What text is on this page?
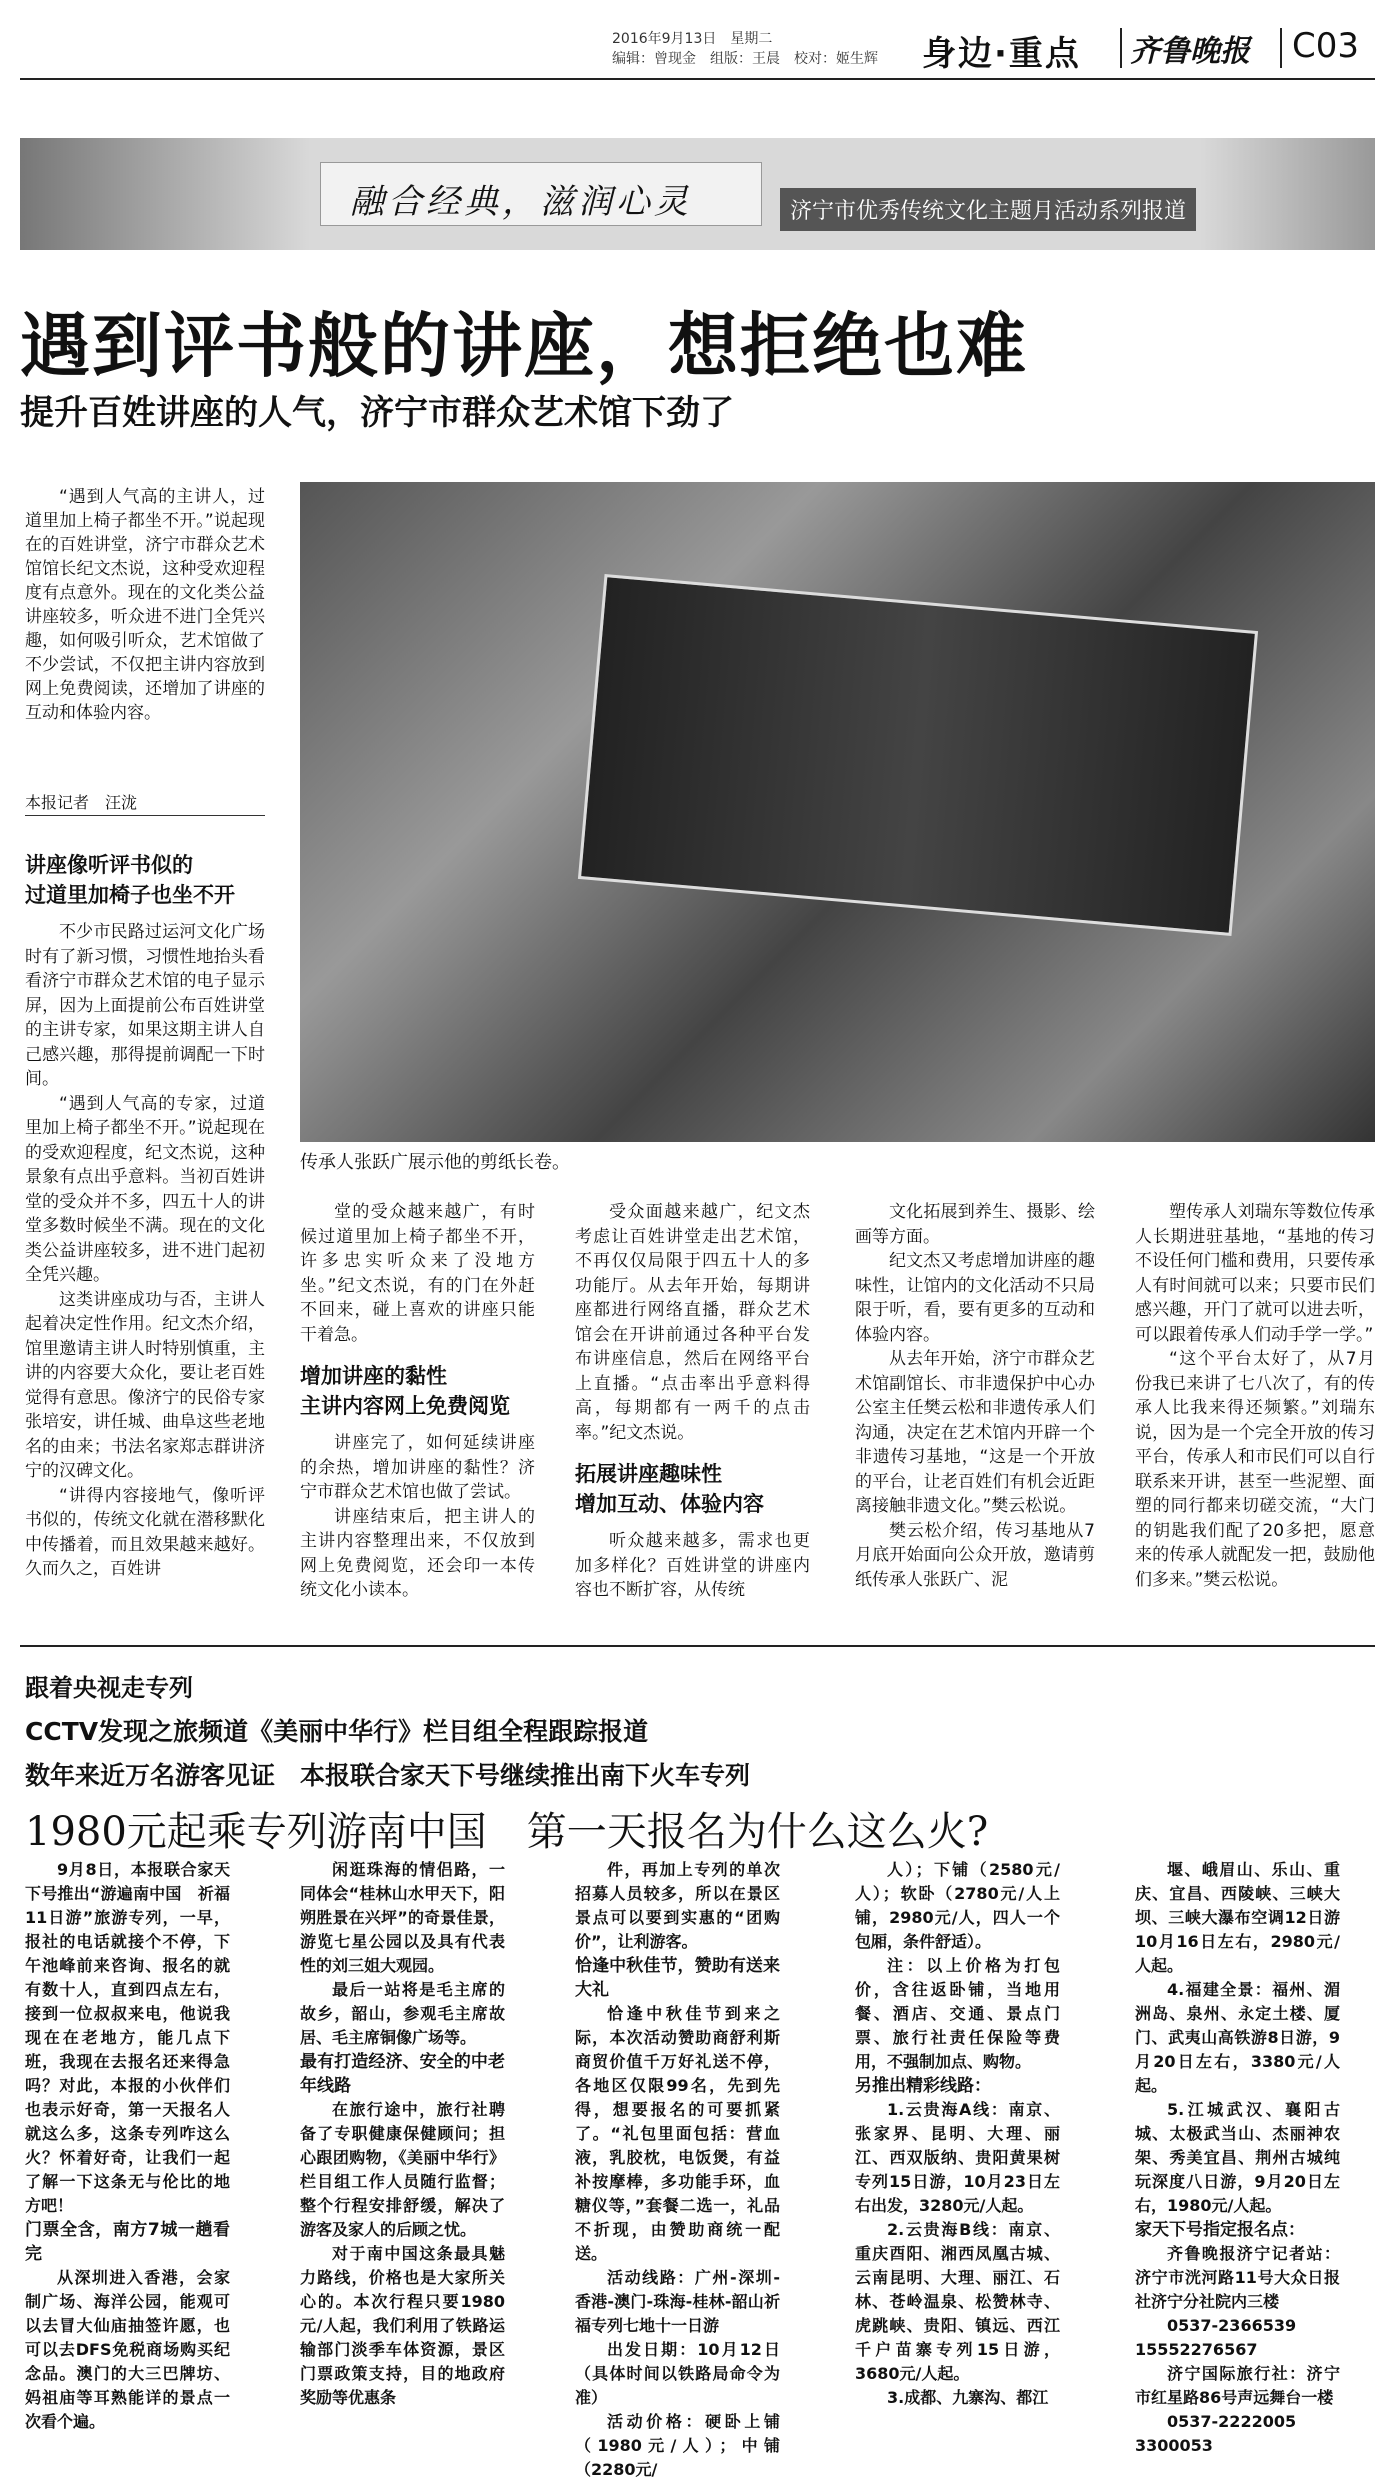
2016年9月13日　星期二
编辑：曾现金　组版：王晨　校对：姬生辉 身边·重点 齐鲁晚报 C03
融合经典，滋润心灵	济宁市优秀传统文化主题月活动系列报道
遇到评书般的讲座，想拒绝也难
提升百姓讲座的人气，济宁市群众艺术馆下劲了

“遇到人气高的主讲人，过道里加上椅子都坐不开。”说起现在的百姓讲堂，济宁市群众艺术馆馆长纪文杰说，这种受欢迎程度有点意外。现在的文化类公益讲座较多，听众进不进门全凭兴趣，如何吸引听众，艺术馆做了不少尝试，不仅把主讲内容放到网上免费阅读，还增加了讲座的互动和体验内容。

本报记者　汪泷
传承人张跃广展示他的剪纸长卷。
讲座像听评书似的
过道里加椅子也坐不开

不少市民路过运河文化广场时有了新习惯，习惯性地抬头看看济宁市群众艺术馆的电子显示屏，因为上面提前公布百姓讲堂的主讲专家，如果这期主讲人自己感兴趣，那得提前调配一下时间。

“遇到人气高的专家，过道里加上椅子都坐不开。”说起现在的受欢迎程度，纪文杰说，这种景象有点出乎意料。当初百姓讲堂的受众并不多，四五十人的讲堂多数时候坐不满。现在的文化类公益讲座较多，进不进门起初全凭兴趣。

这类讲座成功与否，主讲人起着决定性作用。纪文杰介绍，馆里邀请主讲人时特别慎重，主讲的内容要大众化，要让老百姓觉得有意思。像济宁的民俗专家张培安，讲任城、曲阜这些老地名的由来；书法名家郑志群讲济宁的汉碑文化。

“讲得内容接地气，像听评书似的，传统文化就在潜移默化中传播着，而且效果越来越好。久而久之，百姓讲

堂的受众越来越广，有时候过道里加上椅子都坐不开，许多忠实听众来了没地方坐。”纪文杰说，有的门在外赶不回来，碰上喜欢的讲座只能干着急。

增加讲座的黏性
主讲内容网上免费阅览

讲座完了，如何延续讲座的余热，增加讲座的黏性？济宁市群众艺术馆也做了尝试。

讲座结束后，把主讲人的主讲内容整理出来，不仅放到网上免费阅览，还会印一本传统文化小读本。

受众面越来越广，纪文杰考虑让百姓讲堂走出艺术馆，不再仅仅局限于四五十人的多功能厅。从去年开始，每期讲座都进行网络直播，群众艺术馆会在开讲前通过各种平台发布讲座信息，然后在网络平台上直播。“点击率出乎意料得高，每期都有一两千的点击率。”纪文杰说。

拓展讲座趣味性
增加互动、体验内容

听众越来越多，需求也更加多样化？百姓讲堂的讲座内容也不断扩容，从传统

文化拓展到养生、摄影、绘画等方面。

纪文杰又考虑增加讲座的趣味性，让馆内的文化活动不只局限于听，看，要有更多的互动和体验内容。

从去年开始，济宁市群众艺术馆副馆长、市非遗保护中心办公室主任樊云松和非遗传承人们沟通，决定在艺术馆内开辟一个非遗传习基地，“这是一个开放的平台，让老百姓们有机会近距离接触非遗文化。”樊云松说。

樊云松介绍，传习基地从7月底开始面向公众开放，邀请剪纸传承人张跃广、泥

塑传承人刘瑞东等数位传承人长期进驻基地，“基地的传习不设任何门槛和费用，只要传承人有时间就可以来；只要市民们感兴趣，开门了就可以进去听，可以跟着传承人们动手学一学。”

“这个平台太好了，从7月份我已来讲了七八次了，有的传承人比我来得还频繁。”刘瑞东说，因为是一个完全开放的传习平台，传承人和市民们可以自行联系来开讲，甚至一些泥塑、面塑的同行都来切磋交流，“大门的钥匙我们配了20多把，愿意来的传承人就配发一把，鼓励他们多来。”樊云松说。

跟着央视走专列
CCTV发现之旅频道《美丽中华行》栏目组全程跟踪报道
数年来近万名游客见证　本报联合家天下号继续推出南下火车专列
1980元起乘专列游南中国　第一天报名为什么这么火?

9月8日，本报联合家天下号推出“游遍南中国　祈福11日游”旅游专列，一早，报社的电话就接个不停，下午池峰前来咨询、报名的就有数十人，直到四点左右，接到一位叔叔来电，他说我现在在老地方，能几点下班，我现在去报名还来得急吗？对此，本报的小伙伴们也表示好奇，第一天报名人就这么多，这条专列咋这么火？怀着好奇，让我们一起了解一下这条无与伦比的地方吧！

门票全含，南方7城一趟看完

从深圳进入香港，会家制广场、海洋公园，能观可以去冒大仙庙抽签许愿，也可以去DFS免税商场购买纪念品。澳门的大三巴牌坊、妈祖庙等耳熟能详的景点一次看个遍。

闲逛珠海的情侣路，一同体会“桂林山水甲天下，阳朔胜景在兴坪”的奇景佳景，游览七星公园以及具有代表性的刘三姐大观园。

最后一站将是毛主席的故乡，韶山，参观毛主席故居、毛主席铜像广场等。

最有打造经济、安全的中老年线路

在旅行途中，旅行社聘备了专职健康保健顾问；担心跟团购物，《美丽中华行》栏目组工作人员随行监督；整个行程安排舒缓，解决了游客及家人的后顾之忧。

对于南中国这条最具魅力路线，价格也是大家所关心的。本次行程只要1980元/人起，我们利用了铁路运输部门淡季车体资源，景区门票政策支持，目的地政府奖励等优惠条

件，再加上专列的单次招募人员较多，所以在景区景点可以要到实惠的“团购价”，让利游客。

恰逢中秋佳节，赞助有送来大礼

恰逢中秋佳节到来之际，本次活动赞助商舒利斯商贸价值千万好礼送不停，各地区仅限99名，先到先得，想要报名的可要抓紧了。“礼包里面包括：营血液，乳胶枕，电饭煲，有益补按摩棒，多功能手环，血糖仪等，”套餐二选一，礼品不折现，由赞助商统一配送。

活动线路：广州-深圳-香港-澳门-珠海-桂林-韶山祈福专列七地十一日游

出发日期：10月12日（具体时间以铁路局命令为准）

活动价格：硬卧上铺（1980元/人）；中铺（2280元/

人）；下铺（2580元/人）；软卧（2780元/人上铺，2980元/人，四人一个包厢，条件舒适）。

注：以上价格为打包价，含往返卧铺，当地用餐、酒店、交通、景点门票、旅行社责任保险等费用，不强制加点、购物。

另推出精彩线路：

1.云贵海A线：南京、张家界、昆明、大理、丽江、西双版纳、贵阳黄果树专列15日游，10月23日左右出发，3280元/人起。

2.云贵海B线：南京、重庆酉阳、湘西凤凰古城、云南昆明、大理、丽江、石林、苍岭温泉、松赞林寺、虎跳峡、贵阳、镇远、西江千户苗寨专列15日游，3680元/人起。

3.成都、九寨沟、都江

堰、峨眉山、乐山、重庆、宜昌、西陵峡、三峡大坝、三峡大瀑布空调12日游10月16日左右，2980元/人起。

4.福建全景：福州、湄洲岛、泉州、永定土楼、厦门、武夷山高铁游8日游，9月20日左右，3380元/人起。

5.江城武汉、襄阳古城、太极武当山、杰丽神农架、秀美宜昌、荆州古城纯玩深度八日游，9月20日左右，1980元/人起。

家天下号指定报名点：

齐鲁晚报济宁记者站：济宁市洸河路11号大众日报社济宁分社院内三楼

0537-2366539　15552276567

济宁国际旅行社：济宁市红星路86号声远舞台一楼

0537-2222005　3300053
